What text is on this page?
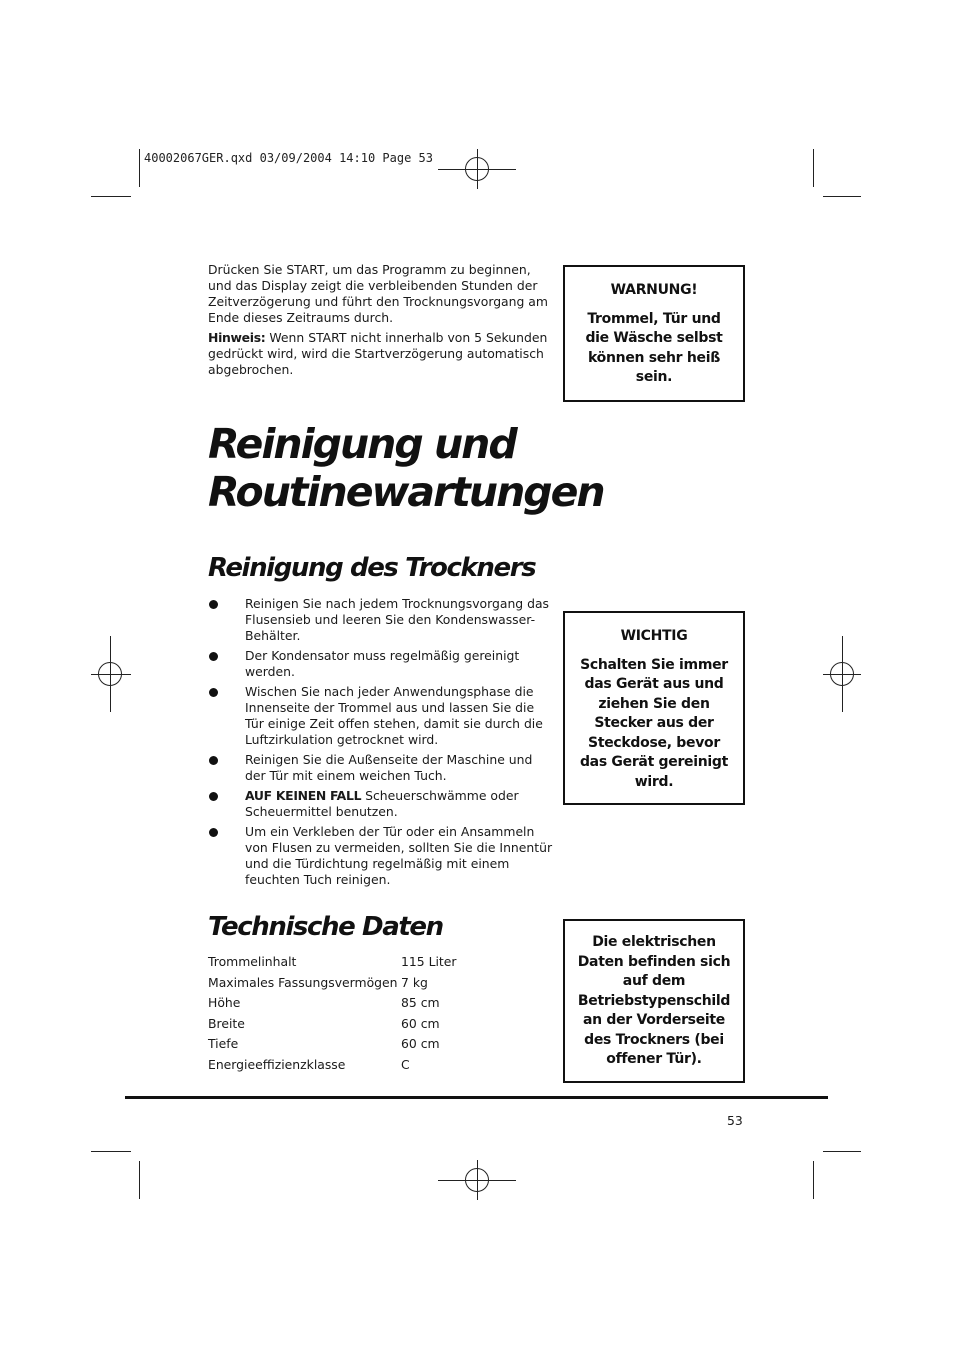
40002067GER.qxd 03/09/2004 14:10 Page 53

Drücken Sie START, um das Programm zu beginnen, und das Display zeigt die verbleibenden Stunden der Zeitverzögerung und führt den Trocknungsvorgang am Ende dieses Zeitraums durch.

Hinweis: Wenn START nicht innerhalb von 5 Sekunden gedrückt wird, wird die Startverzögerung automatisch abgebrochen.

WARNUNG!

Trommel, Tür und die Wäsche selbst können sehr heiß sein.

Reinigung und Routinewartungen
Reinigung des Trockners
Reinigen Sie nach jedem Trocknungsvorgang das Flusensieb und leeren Sie den Kondenswasser-Behälter.
Der Kondensator muss regelmäßig gereinigt werden.
Wischen Sie nach jeder Anwendungsphase die Innenseite der Trommel aus und lassen Sie die Tür einige Zeit offen stehen, damit sie durch die Luftzirkulation getrocknet wird.
Reinigen Sie die Außenseite der Maschine und der Tür mit einem weichen Tuch.
AUF KEINEN FALL Scheuerschwämme oder Scheuermittel benutzen.
Um ein Verkleben der Tür oder ein Ansammeln von Flusen zu vermeiden, sollten Sie die Innentür und die Türdichtung regelmäßig mit einem feuchten Tuch reinigen.
WICHTIG

Schalten Sie immer das Gerät aus und ziehen Sie den Stecker aus der Steckdose, bevor das Gerät gereinigt wird.

Technische Daten
Trommelinhalt	115 Liter
Maximales Fassungsvermögen	7 kg
Höhe	85 cm
Breite	60 cm
Tiefe	60 cm
Energieeffizienzklasse	C

Die elektrischen Daten befinden sich auf dem Betriebstypenschild an der Vorderseite des Trockners (bei offener Tür).

53
